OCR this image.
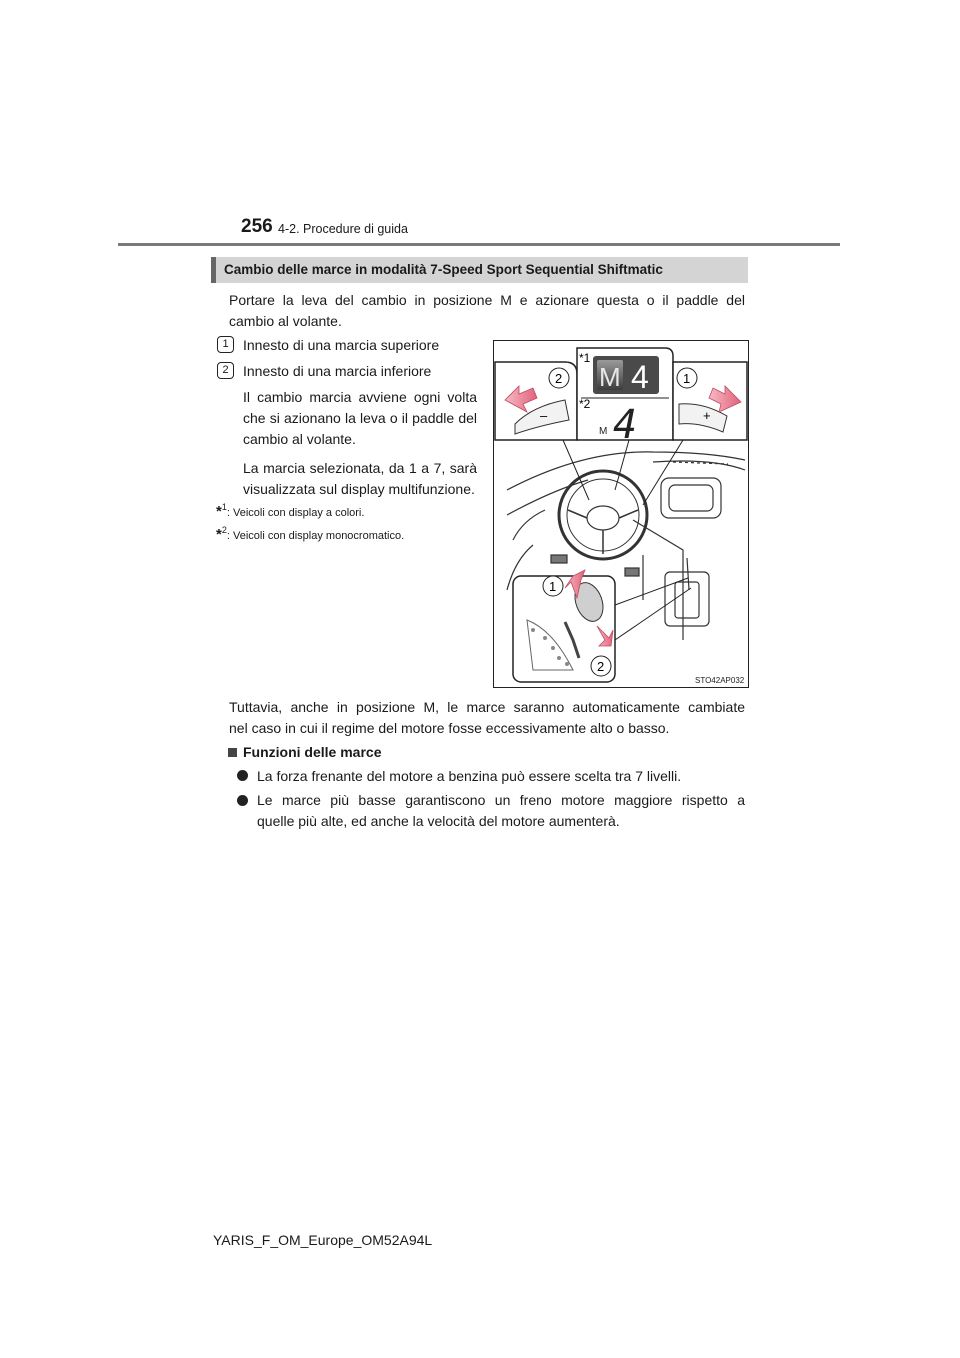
256 4-2. Procedure di guida
Cambio delle marce in modalità 7-Speed Sport Sequential Shiftmatic
Portare la leva del cambio in posizione M e azionare questa o il paddle del
cambio al volante.
1	Innesto di una marcia superiore
2	Innesto di una marcia inferiore
Il cambio marcia avviene ogni volta
che si azionano la leva o il paddle del
cambio al volante.
La marcia selezionata, da 1 a 7, sarà
visualizzata sul display multifunzione.
*$^1$: Veicoli con display a colori.
*$^2$: Veicoli con display monocromatico.
–
2 M 4
*1
*2 4
M
+
1
1
2
STO42AP032
Tuttavia, anche in posizione M, le marce saranno automaticamente cambiate
nel caso in cui il regime del motore fosse eccessivamente alto o basso.
Funzioni delle marce
La forza frenante del motore a benzina può essere scelta tra 7 livelli.
Le marce più basse garantiscono un freno motore maggiore rispetto a
quelle più alte, ed anche la velocità del motore aumenterà.
YARIS_F_OM_Europe_OM52A94L
